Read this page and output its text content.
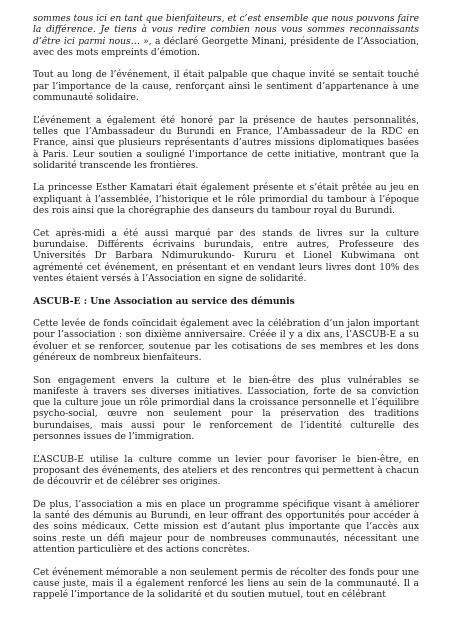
sommes tous ici en tant que bienfaiteurs, et c’est ensemble que nous pouvons faire la différence. Je tiens à vous redire combien nous vous sommes reconnaissants d’être ici parmi nous… », a déclaré Georgette Minani, présidente de l’Association, avec des mots empreints d’émotion.

Tout au long de l’événement, il était palpable que chaque invité se sentait touché par l’importance de la cause, renforçant ainsi le sentiment d’appartenance à une communauté solidaire.

L’événement a également été honoré par la présence de hautes personnalités, telles que l’Ambassadeur du Burundi en France, l’Ambassadeur de la RDC en France, ainsi que plusieurs représentants d’autres missions diplomatiques basées à Paris. Leur soutien a souligné l’importance de cette initiative, montrant que la solidarité transcende les frontières.

La princesse Esther Kamatari était également présente et s’était prêtée au jeu en expliquant à l’assemblée, l’historique et le rôle primordial du tambour à l’époque des rois ainsi que la chorégraphie des danseurs du tambour royal du Burundi.

Cet après-midi a été aussi marqué par des stands de livres sur la culture burundaise. Différents écrivains burundais, entre autres, Professeure des Universités Dr Barbara Ndimurukundo- Kururu et Lionel Kubwimana ont agrémenté cet événement, en présentant et en vendant leurs livres dont 10% des ventes étaient versés à l’Association en signe de solidarité.

ASCUB-E : Une Association au service des démunis

Cette levée de fonds coïncidait également avec la célébration d’un jalon important pour l’association : son dixième anniversaire. Créée il y a dix ans, l’ASCUB-E a su évoluer et se renforcer, soutenue par les cotisations de ses membres et les dons généreux de nombreux bienfaiteurs.

Son engagement envers la culture et le bien-être des plus vulnérables se manifeste à travers ses diverses initiatives. L’association, forte de sa conviction que la culture joue un rôle primordial dans la croissance personnelle et l’équilibre psycho-social, œuvre non seulement pour la préservation des traditions burundaises, mais aussi pour le renforcement de l’identité culturelle des personnes issues de l’immigration.

L’ASCUB-E utilise la culture comme un levier pour favoriser le bien-être, en proposant des événements, des ateliers et des rencontres qui permettent à chacun de découvrir et de célébrer ses origines.

De plus, l’association a mis en place un programme spécifique visant à améliorer la santé des démunis au Burundi, en leur offrant des opportunités pour accéder à des soins médicaux. Cette mission est d’autant plus importante que l’accès aux soins reste un défi majeur pour de nombreuses communautés, nécessitant une attention particulière et des actions concrètes.

Cet événement mémorable a non seulement permis de récolter des fonds pour une cause juste, mais il a également renforcé les liens au sein de la communauté. Il a rappelé l’importance de la solidarité et du soutien mutuel, tout en célébrant
